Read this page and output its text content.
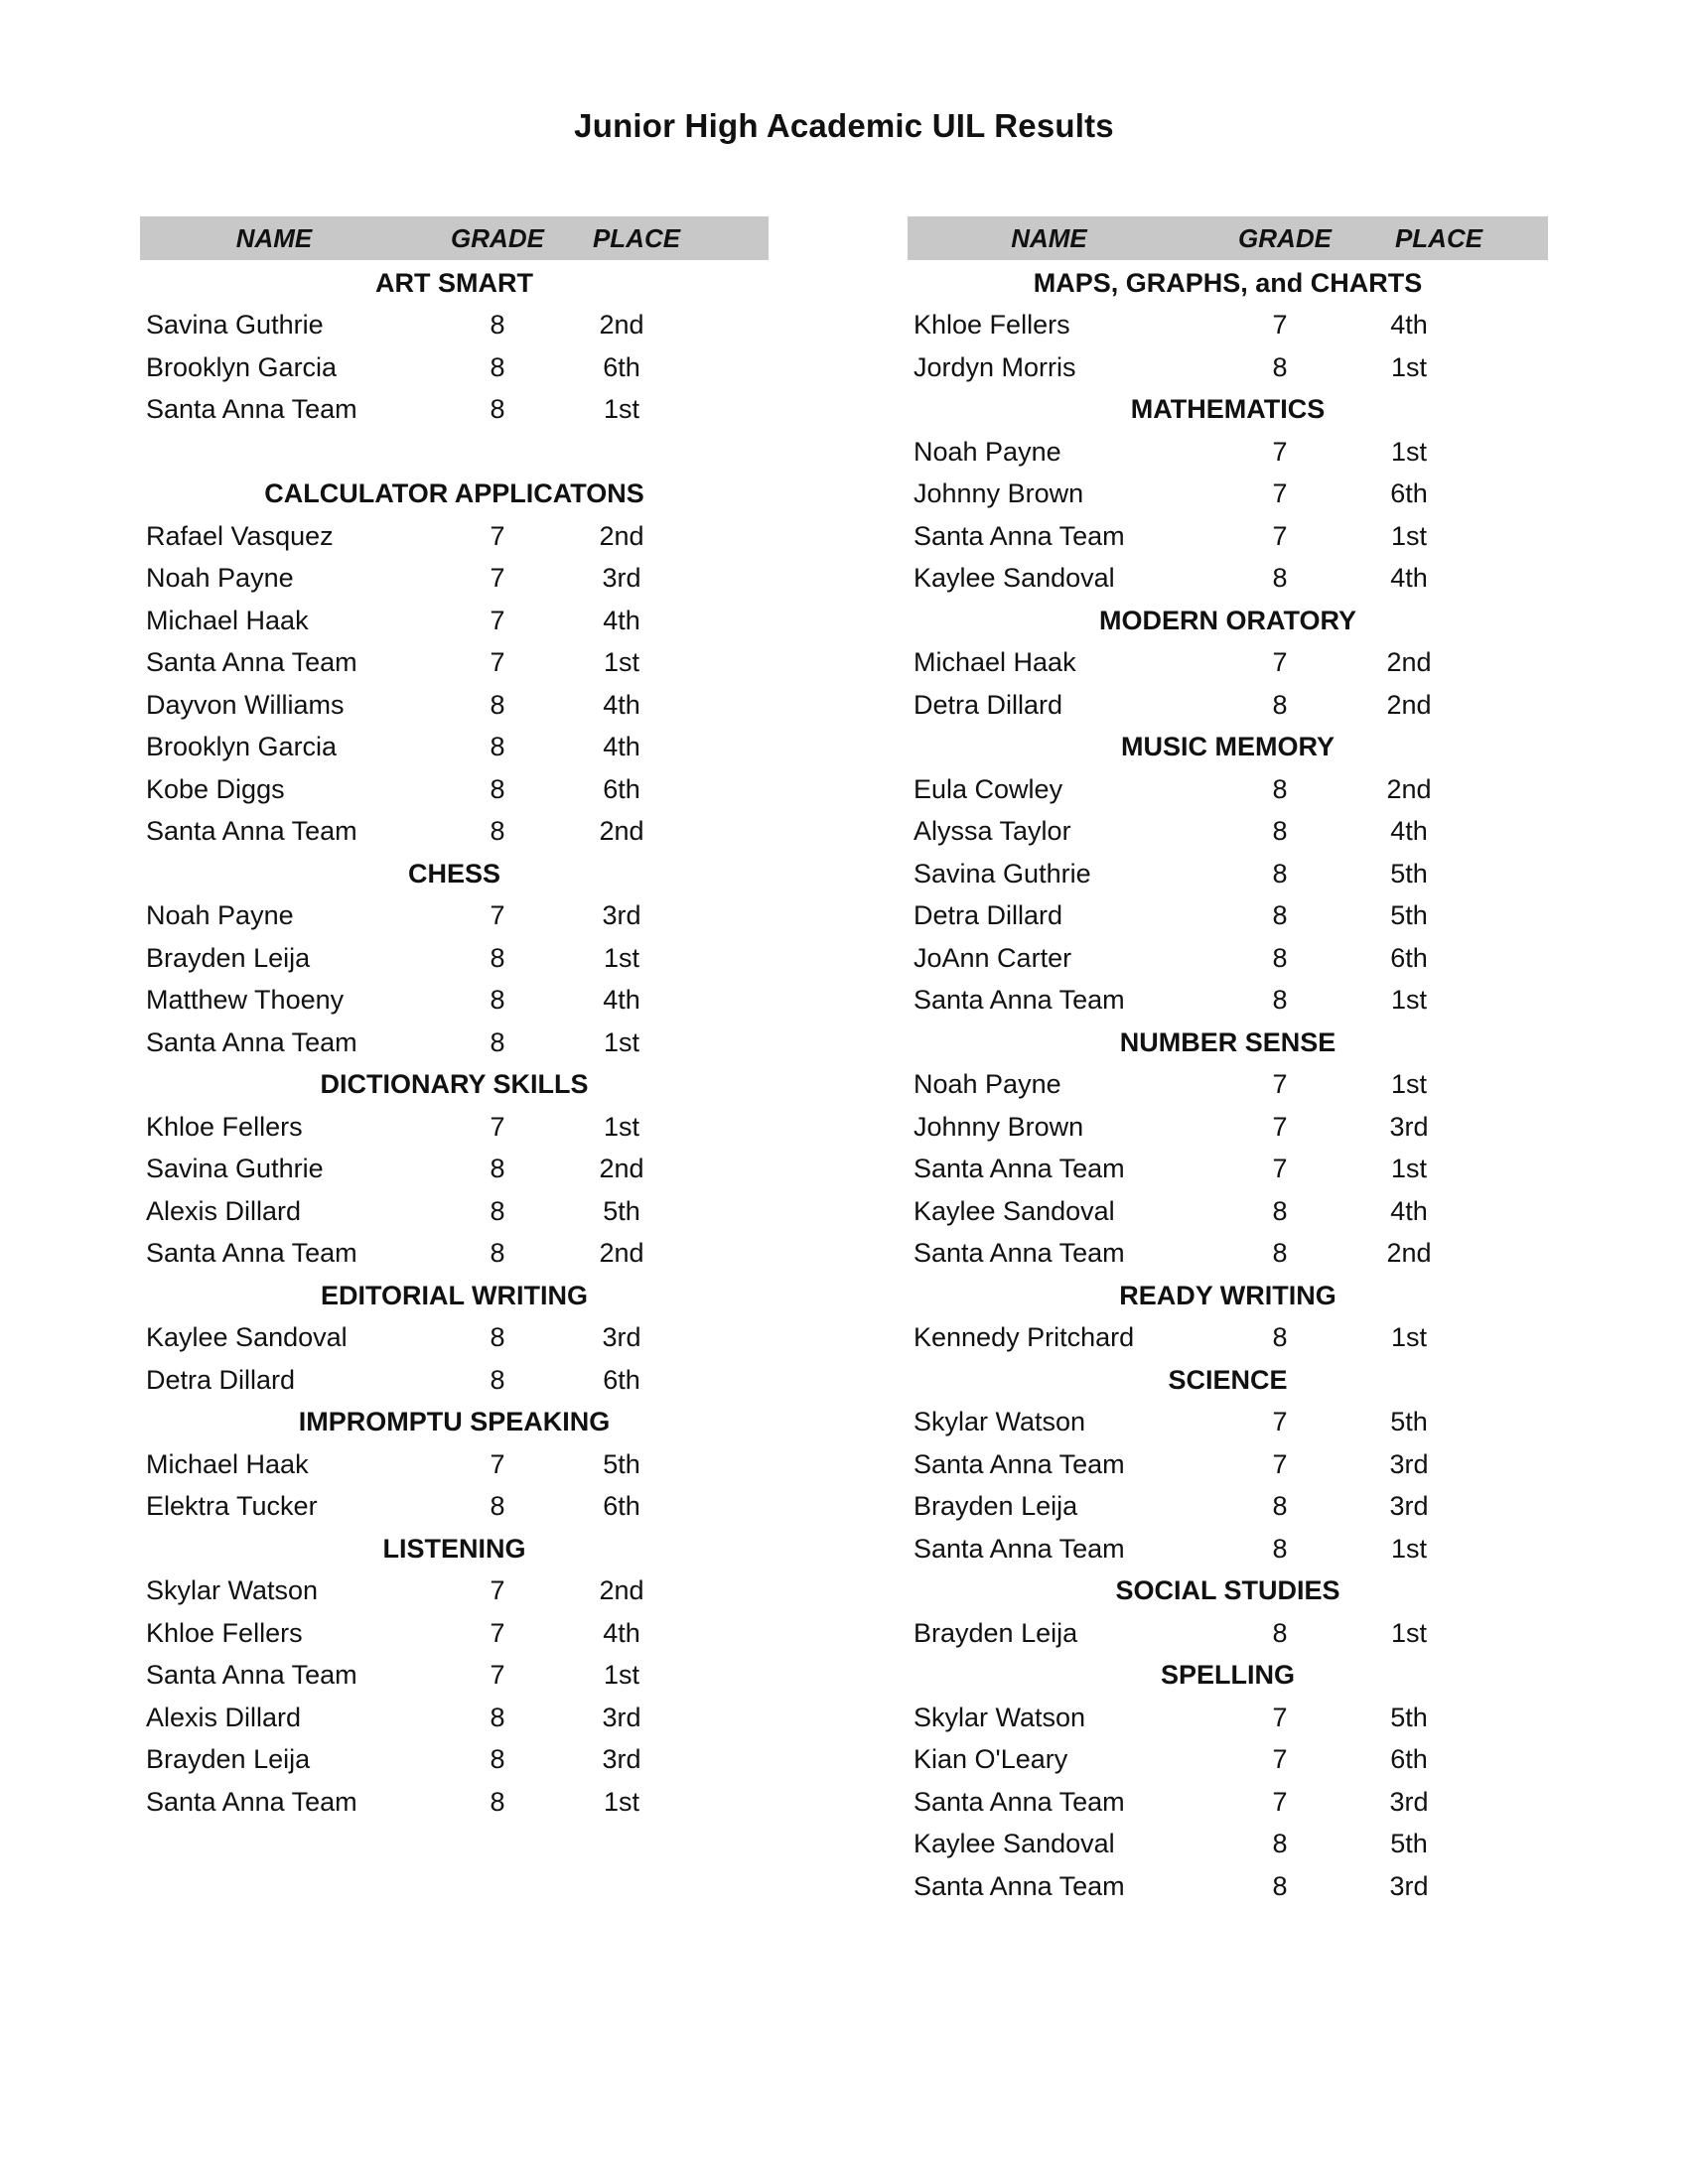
Junior High Academic UIL Results
NAME	GRADE	PLACE
ART SMART
Savina Guthrie	8	2nd
Brooklyn Garcia	8	6th
Santa Anna Team	8	1st
CALCULATOR APPLICATONS
Rafael Vasquez	7	2nd
Noah Payne	7	3rd
Michael Haak	7	4th
Santa Anna Team	7	1st
Dayvon Williams	8	4th
Brooklyn Garcia	8	4th
Kobe Diggs	8	6th
Santa Anna Team	8	2nd
CHESS
Noah Payne	7	3rd
Brayden Leija	8	1st
Matthew Thoeny	8	4th
Santa Anna Team	8	1st
DICTIONARY SKILLS
Khloe Fellers	7	1st
Savina Guthrie	8	2nd
Alexis Dillard	8	5th
Santa Anna Team	8	2nd
EDITORIAL WRITING
Kaylee Sandoval	8	3rd
Detra Dillard	8	6th
IMPROMPTU SPEAKING
Michael Haak	7	5th
Elektra Tucker	8	6th
LISTENING
Skylar Watson	7	2nd
Khloe Fellers	7	4th
Santa Anna Team	7	1st
Alexis Dillard	8	3rd
Brayden Leija	8	3rd
Santa Anna Team	8	1st
NAME	GRADE	PLACE
MAPS, GRAPHS, and CHARTS
Khloe Fellers	7	4th
Jordyn Morris	8	1st
MATHEMATICS
Noah Payne	7	1st
Johnny Brown	7	6th
Santa Anna Team	7	1st
Kaylee Sandoval	8	4th
MODERN ORATORY
Michael Haak	7	2nd
Detra Dillard	8	2nd
MUSIC MEMORY
Eula Cowley	8	2nd
Alyssa Taylor	8	4th
Savina Guthrie	8	5th
Detra Dillard	8	5th
JoAnn Carter	8	6th
Santa Anna Team	8	1st
NUMBER SENSE
Noah Payne	7	1st
Johnny Brown	7	3rd
Santa Anna Team	7	1st
Kaylee Sandoval	8	4th
Santa Anna Team	8	2nd
READY WRITING
Kennedy Pritchard	8	1st
SCIENCE
Skylar Watson	7	5th
Santa Anna Team	7	3rd
Brayden Leija	8	3rd
Santa Anna Team	8	1st
SOCIAL STUDIES
Brayden Leija	8	1st
SPELLING
Skylar Watson	7	5th
Kian O'Leary	7	6th
Santa Anna Team	7	3rd
Kaylee Sandoval	8	5th
Santa Anna Team	8	3rd
